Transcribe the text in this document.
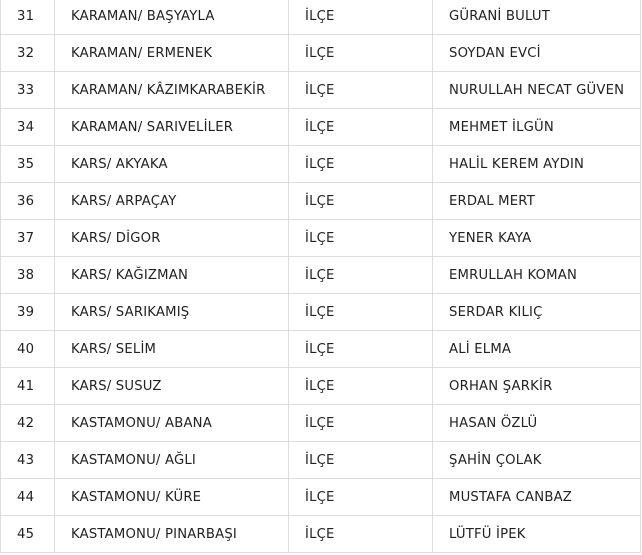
31	KARAMAN/ BAŞYAYLA	İLÇE	GÜRANİ BULUT
32	KARAMAN/ ERMENEK	İLÇE	SOYDAN EVCİ
33	KARAMAN/ KÂZIMKARABEKİR	İLÇE	NURULLAH NECAT GÜVEN
34	KARAMAN/ SARIVELİLER	İLÇE	MEHMET İLGÜN
35	KARS/ AKYAKA	İLÇE	HALİL KEREM AYDIN
36	KARS/ ARPAÇAY	İLÇE	ERDAL MERT
37	KARS/ DİGOR	İLÇE	YENER KAYA
38	KARS/ KAĞIZMAN	İLÇE	EMRULLAH KOMAN
39	KARS/ SARIKAMIŞ	İLÇE	SERDAR KILIÇ
40	KARS/ SELİM	İLÇE	ALİ ELMA
41	KARS/ SUSUZ	İLÇE	ORHAN ŞARKİR
42	KASTAMONU/ ABANA	İLÇE	HASAN ÖZLÜ
43	KASTAMONU/ AĞLI	İLÇE	ŞAHİN ÇOLAK
44	KASTAMONU/ KÜRE	İLÇE	MUSTAFA CANBAZ
45	KASTAMONU/ PINARBAŞI	İLÇE	LÜTFÜ İPEK
